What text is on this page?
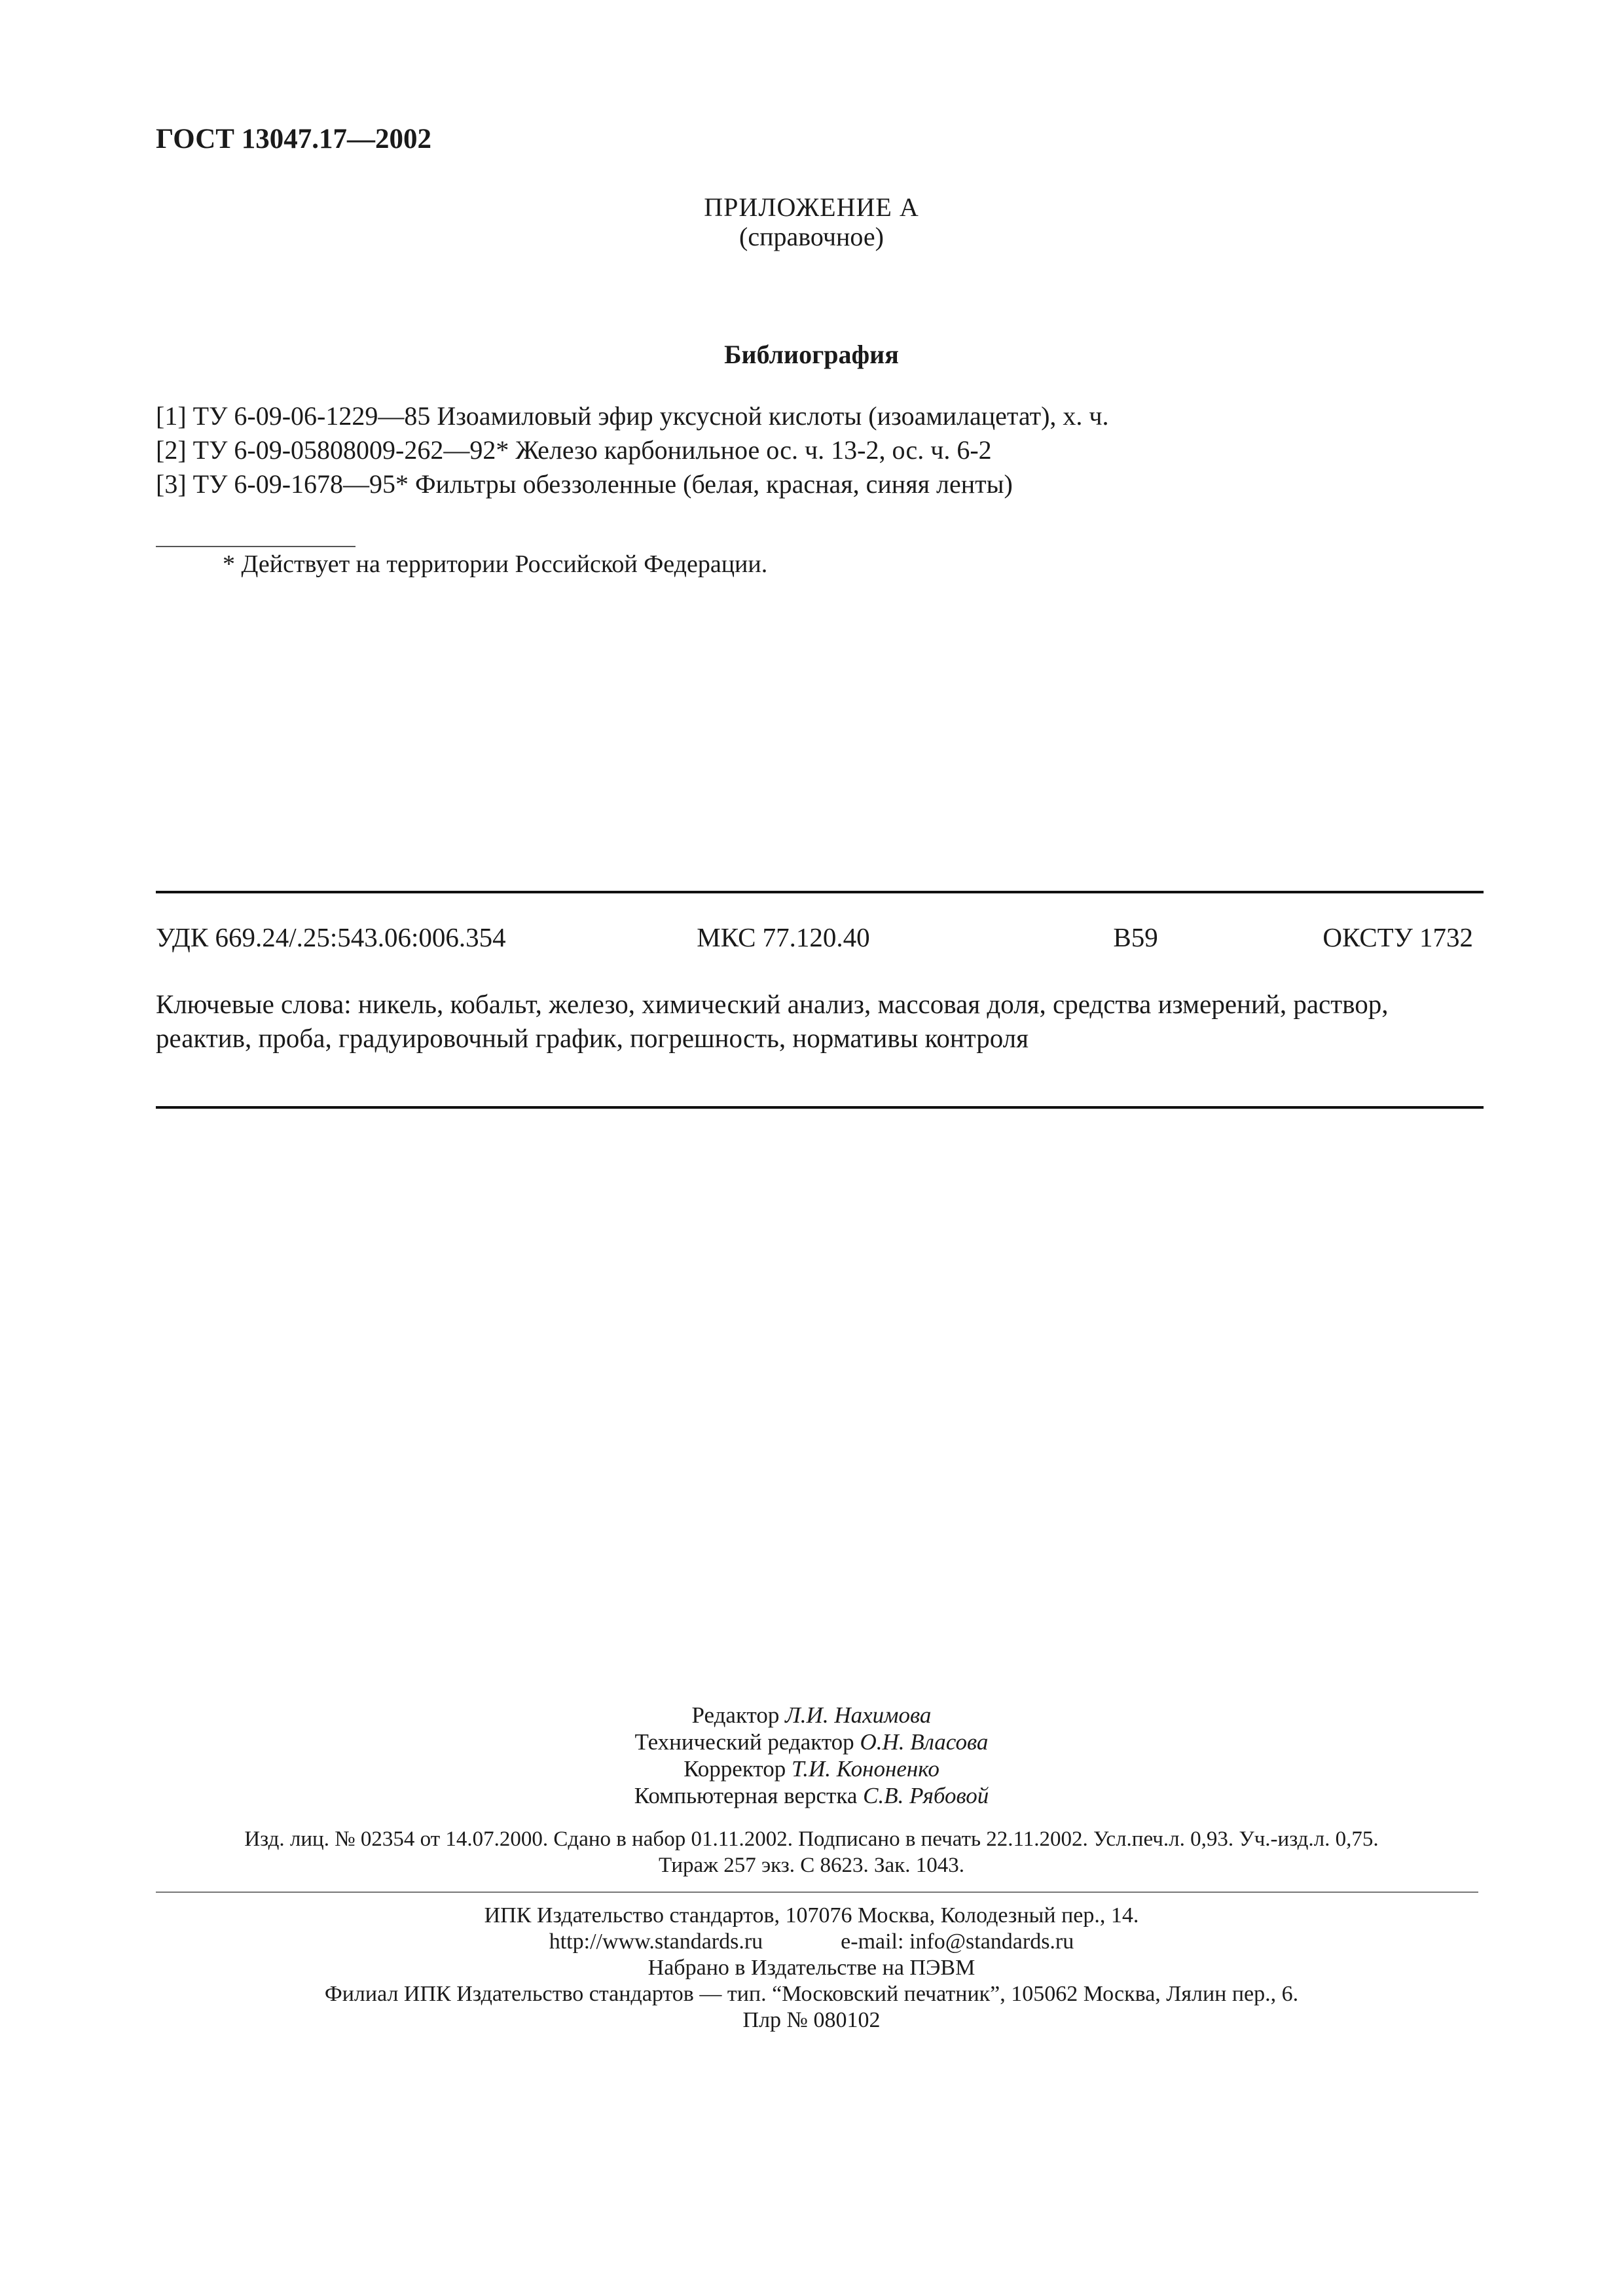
ГОСТ 13047.17—2002
ПРИЛОЖЕНИЕ А
(справочное)
Библиография
[1] ТУ 6-09-06-1229—85 Изоамиловый эфир уксусной кислоты (изоамилацетат), х. ч.
[2] ТУ 6-09-05808009-262—92* Железо карбонильное ос. ч. 13-2, ос. ч. 6-2
[3] ТУ 6-09-1678—95* Фильтры обеззоленные (белая, красная, синяя ленты)
* Действует на территории Российской Федерации.
УДК 669.24/.25:543.06:006.354	МКС 77.120.40	В59	ОКСТУ 1732
Ключевые слова: никель, кобальт, железо, химический анализ, массовая доля, средства измерений, раствор, реактив, проба, градуировочный график, погрешность, нормативы контроля
Редактор Л.И. Нахимова
Технический редактор О.Н. Власова
Корректор Т.И. Кононенко
Компьютерная верстка С.В. Рябовой
Изд. лиц. № 02354 от 14.07.2000. Сдано в набор 01.11.2002. Подписано в печать 22.11.2002. Усл.печ.л. 0,93. Уч.-изд.л. 0,75.
Тираж 257 экз. С 8623. Зак. 1043.
ИПК Издательство стандартов, 107076 Москва, Колодезный пер., 14.
http://www.standards.ru              e-mail: info@standards.ru
Набрано в Издательстве на ПЭВМ
Филиал ИПК Издательство стандартов — тип. “Московский печатник”, 105062 Москва, Лялин пер., 6.
Плр № 080102
